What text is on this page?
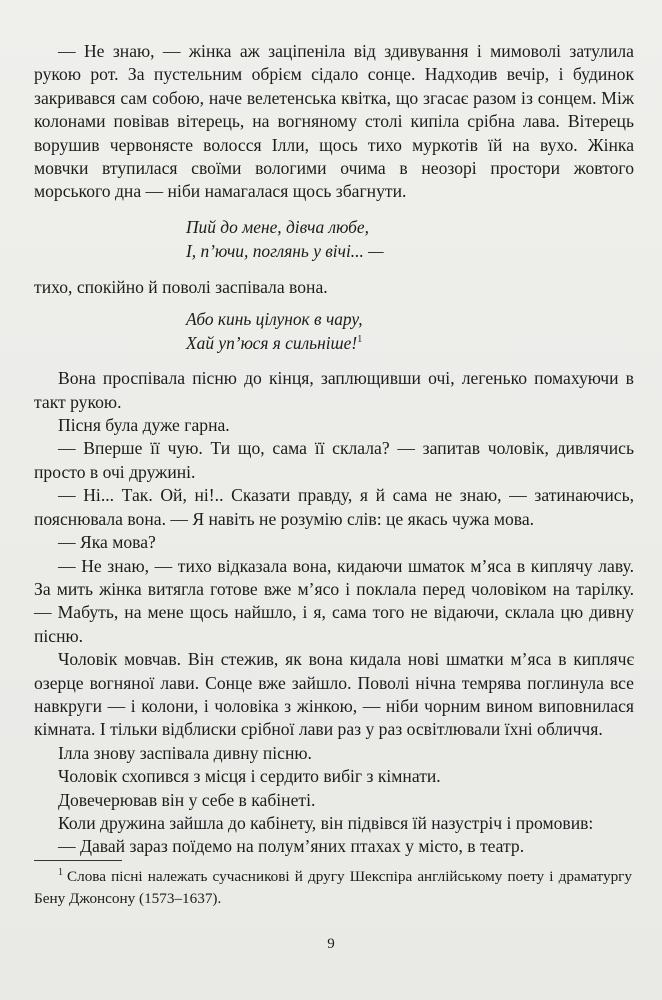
— Не знаю, — жінка аж заціпеніла від здивування і мимоволі затулила рукою рот. За пустельним обрієм сідало сонце. Надходив вечір, і будинок закривався сам собою, наче велетенська квітка, що згасає разом із сонцем. Між колонами повівав вітерець, на вогняному столі кипіла срібна лава. Вітерець ворушив червонясте волосся Ілли, щось тихо муркотів їй на вухо. Жінка мовчки втупилася своїми вологими очима в неозорі простори жовтого морського дна — ніби намагалася щось збагнути.

Пий до мене, дівча любе,
І, п’ючи, поглянь у вічі... —

тихо, спокійно й поволі заспівала вона.

Або кинь цілунок в чару,
Хай уп’юся я сильніше!$^1$

Вона проспівала пісню до кінця, заплющивши очі, легенько помахуючи в такт рукою.

Пісня була дуже гарна.

— Вперше її чую. Ти що, сама її склала? — запитав чоловік, дивлячись просто в очі дружині.

— Ні... Так. Ой, ні!.. Сказати правду, я й сама не знаю, — затинаючись, пояснювала вона. — Я навіть не розумію слів: це якась чужа мова.

— Яка мова?

— Не знаю, — тихо відказала вона, кидаючи шматок м’яса в киплячу лаву. За мить жінка витягла готове вже м’ясо і поклала перед чоловіком на тарілку. — Мабуть, на мене щось найшло, і я, сама того не відаючи, склала цю дивну пісню.

Чоловік мовчав. Він стежив, як вона кидала нові шматки м’яса в киплячє озерце вогняної лави. Сонце вже зайшло. Поволі нічна темрява поглинула все навкруги — і колони, і чоловіка з жінкою, — ніби чорним вином виповнилася кімната. І тільки відблиски срібної лави раз у раз освітлювали їхні обличчя.

Ілла знову заспівала дивну пісню.

Чоловік схопився з місця і сердито вибіг з кімнати.

Довечерював він у себе в кабінеті.

Коли дружина зайшла до кабінету, він підвівся їй назустріч і промовив:

— Давай зараз поїдемо на полум’яних птахах у місто, в театр.

$^1$ Слова пісні належать сучасникові й другу Шекспіра англійському поету і драматургу Бену Джонсону (1573–1637).
9
